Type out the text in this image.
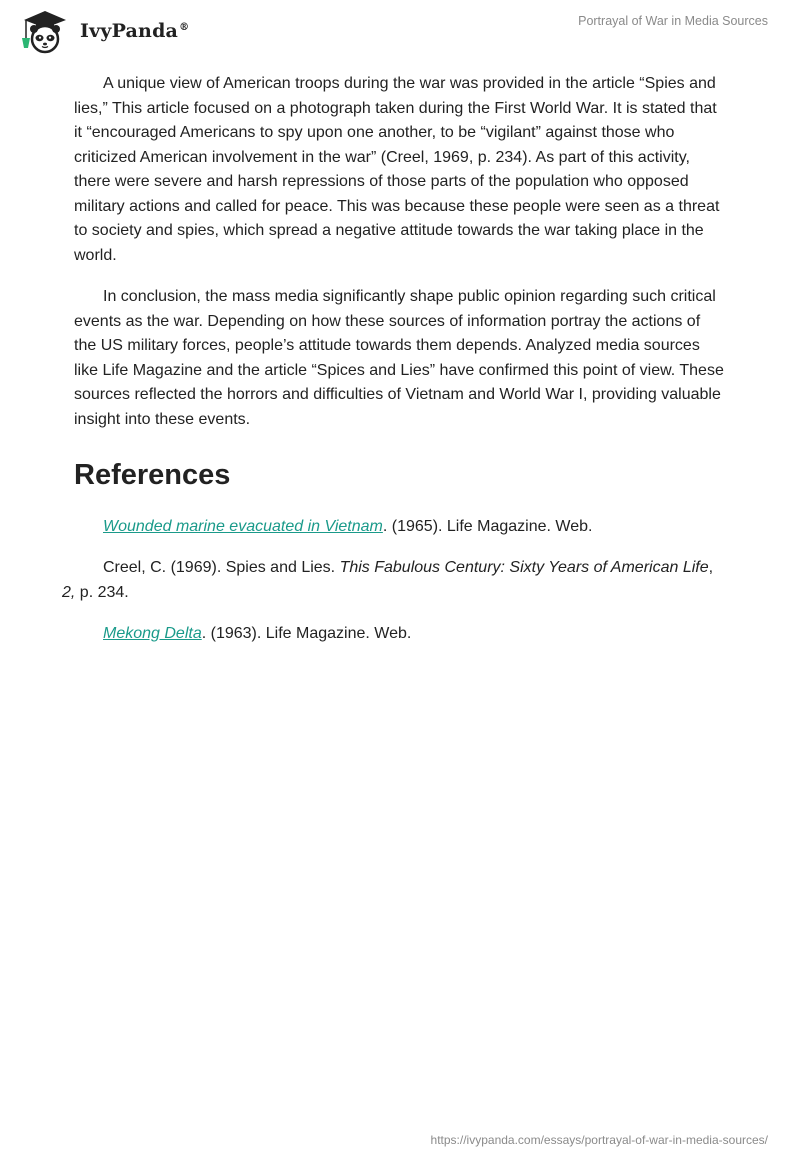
IvyPanda®	Portrayal of War in Media Sources

A unique view of American troops during the war was provided in the article “Spies and lies,” This article focused on a photograph taken during the First World War. It is stated that it “encouraged Americans to spy upon one another, to be “vigilant” against those who criticized American involvement in the war” (Creel, 1969, p. 234). As part of this activity, there were severe and harsh repressions of those parts of the population who opposed military actions and called for peace. This was because these people were seen as a threat to society and spies, which spread a negative attitude towards the war taking place in the world.

In conclusion, the mass media significantly shape public opinion regarding such critical events as the war. Depending on how these sources of information portray the actions of the US military forces, people’s attitude towards them depends. Analyzed media sources like Life Magazine and the article “Spices and Lies” have confirmed this point of view. These sources reflected the horrors and difficulties of Vietnam and World War I, providing valuable insight into these events.

References

Wounded marine evacuated in Vietnam. (1965). Life Magazine. Web.

Creel, C. (1969). Spies and Lies. This Fabulous Century: Sixty Years of American Life, 2, p. 234.

Mekong Delta. (1963). Life Magazine. Web.

https://ivypanda.com/essays/portrayal-of-war-in-media-sources/
